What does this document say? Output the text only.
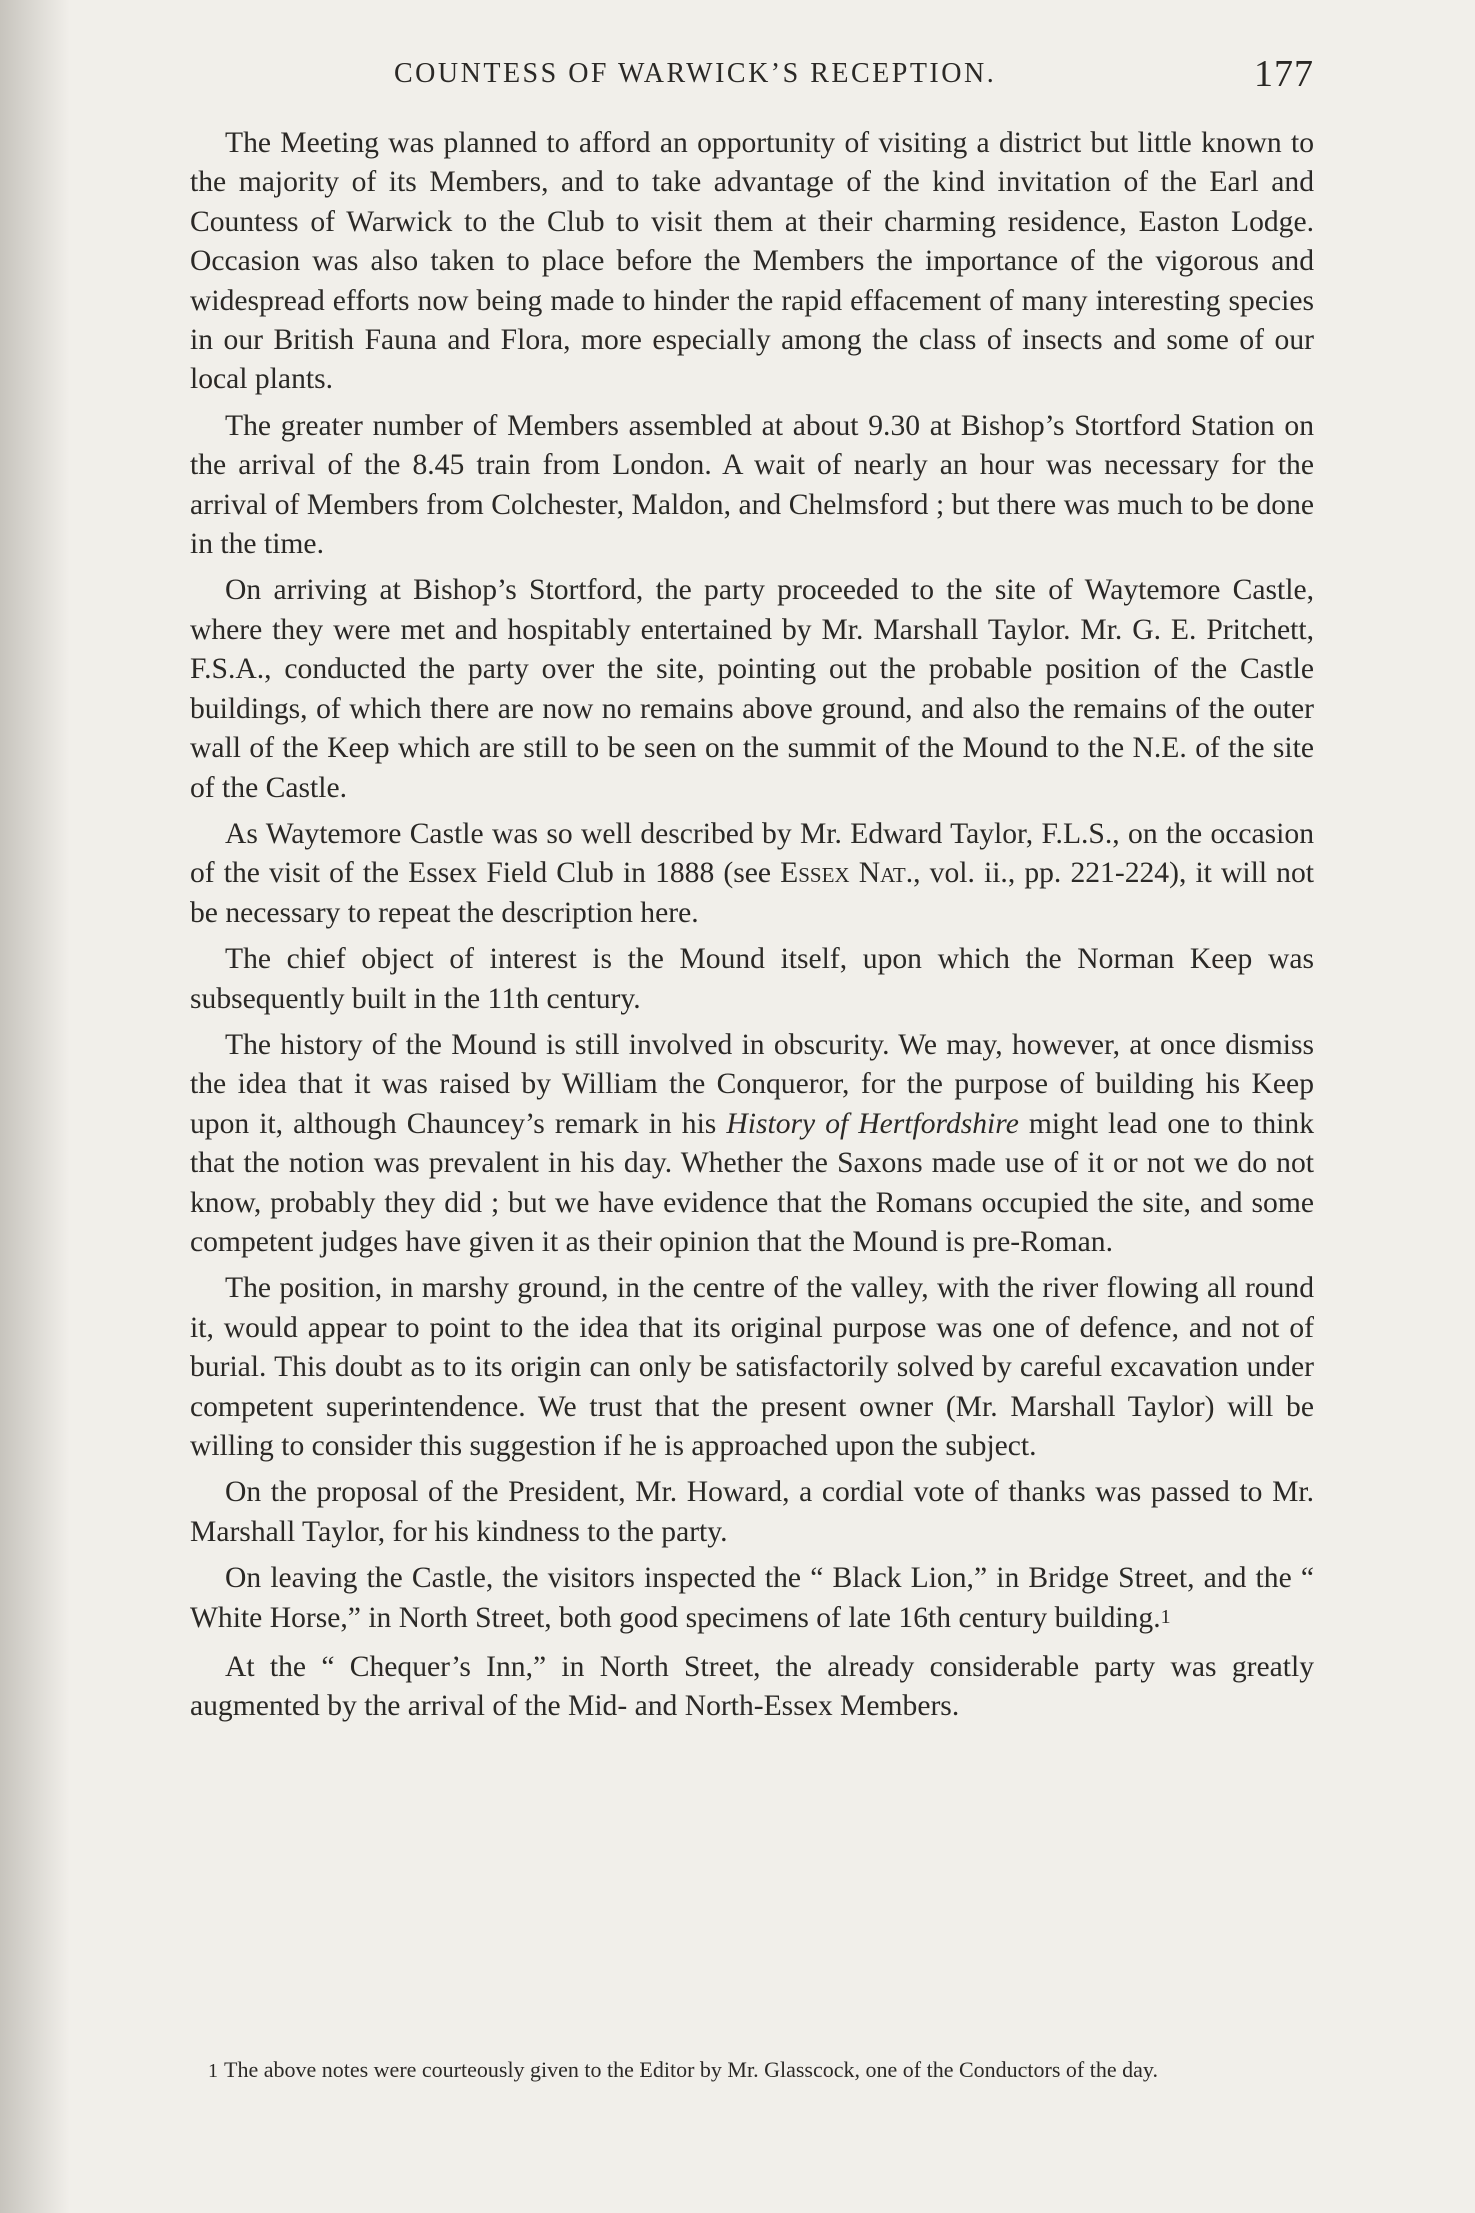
COUNTESS OF WARWICK’S RECEPTION.	177

The Meeting was planned to afford an opportunity of visiting a district but little known to the majority of its Members, and to take advantage of the kind invitation of the Earl and Countess of Warwick to the Club to visit them at their charming residence, Easton Lodge. Occasion was also taken to place before the Members the importance of the vigorous and widespread efforts now being made to hinder the rapid effacement of many interesting species in our British Fauna and Flora, more especially among the class of insects and some of our local plants.

The greater number of Members assembled at about 9.30 at Bishop’s Stortford Station on the arrival of the 8.45 train from London. A wait of nearly an hour was necessary for the arrival of Members from Colchester, Maldon, and Chelmsford ; but there was much to be done in the time.

On arriving at Bishop’s Stortford, the party proceeded to the site of Waytemore Castle, where they were met and hospitably entertained by Mr. Marshall Taylor. Mr. G. E. Pritchett, F.S.A., conducted the party over the site, pointing out the probable position of the Castle buildings, of which there are now no remains above ground, and also the remains of the outer wall of the Keep which are still to be seen on the summit of the Mound to the N.E. of the site of the Castle.

As Waytemore Castle was so well described by Mr. Edward Taylor, F.L.S., on the occasion of the visit of the Essex Field Club in 1888 (see Essex Nat., vol. ii., pp. 221-224), it will not be necessary to repeat the description here.

The chief object of interest is the Mound itself, upon which the Norman Keep was subsequently built in the 11th century.

The history of the Mound is still involved in obscurity. We may, however, at once dismiss the idea that it was raised by William the Conqueror, for the purpose of building his Keep upon it, although Chauncey’s remark in his History of Hertfordshire might lead one to think that the notion was prevalent in his day. Whether the Saxons made use of it or not we do not know, probably they did ; but we have evidence that the Romans occupied the site, and some competent judges have given it as their opinion that the Mound is pre-Roman.

The position, in marshy ground, in the centre of the valley, with the river flowing all round it, would appear to point to the idea that its original purpose was one of defence, and not of burial. This doubt as to its origin can only be satisfactorily solved by careful excavation under competent superintendence. We trust that the present owner (Mr. Marshall Taylor) will be willing to consider this suggestion if he is approached upon the subject.

On the proposal of the President, Mr. Howard, a cordial vote of thanks was passed to Mr. Marshall Taylor, for his kindness to the party.

On leaving the Castle, the visitors inspected the “ Black Lion,” in Bridge Street, and the “ White Horse,” in North Street, both good specimens of late 16th century building.1

At the “ Chequer’s Inn,” in North Street, the already considerable party was greatly augmented by the arrival of the Mid- and North-Essex Members.

1 The above notes were courteously given to the Editor by Mr. Glasscock, one of the Conductors of the day.
